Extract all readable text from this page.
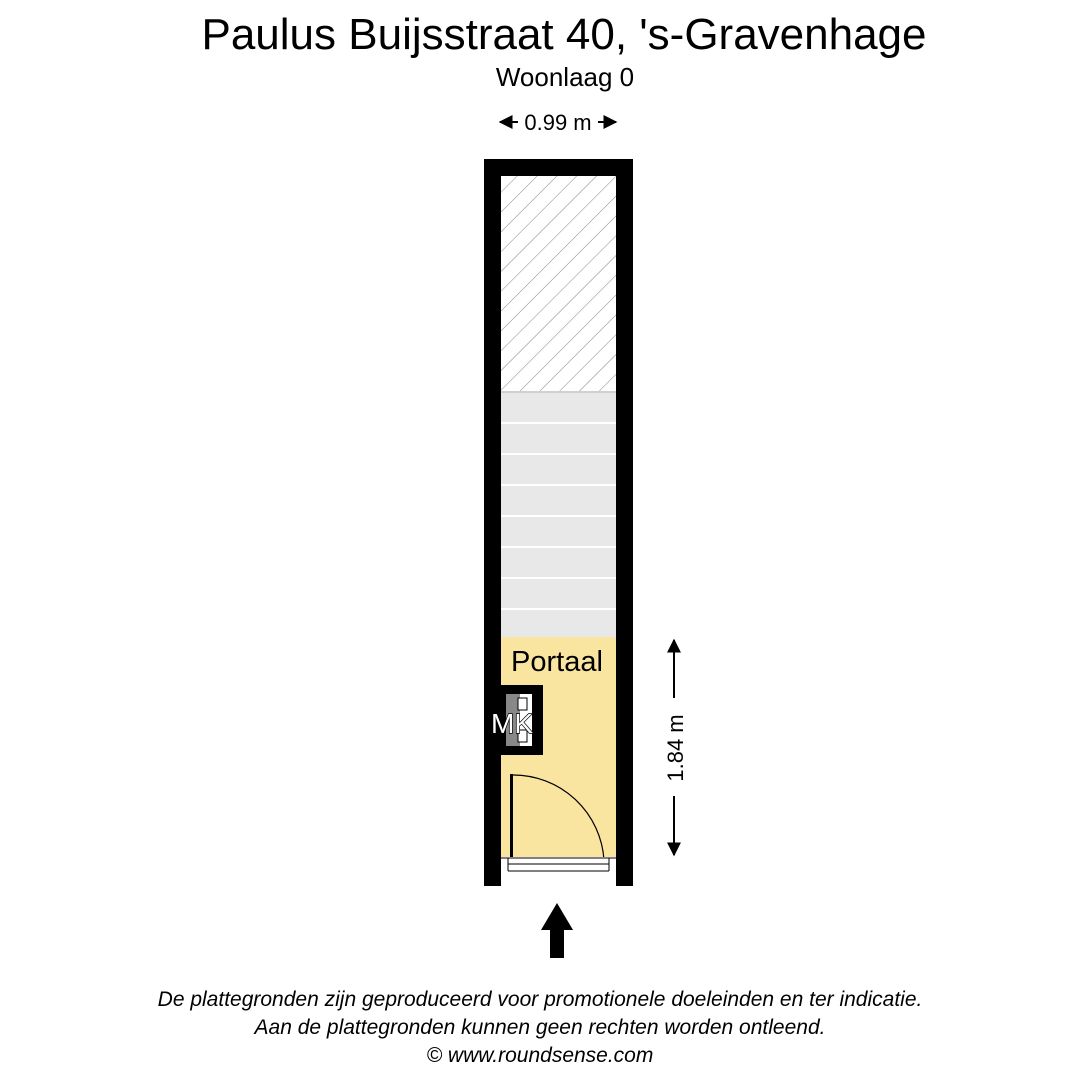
Paulus Buijsstraat 40, 's-Gravenhage
Woonlaag 0
0.99 m
MK
Portaal
1.84 m
De plattegronden zijn geproduceerd voor promotionele doeleinden en ter indicatie.
Aan de plattegronden kunnen geen rechten worden ontleend.
© www.roundsense.com
